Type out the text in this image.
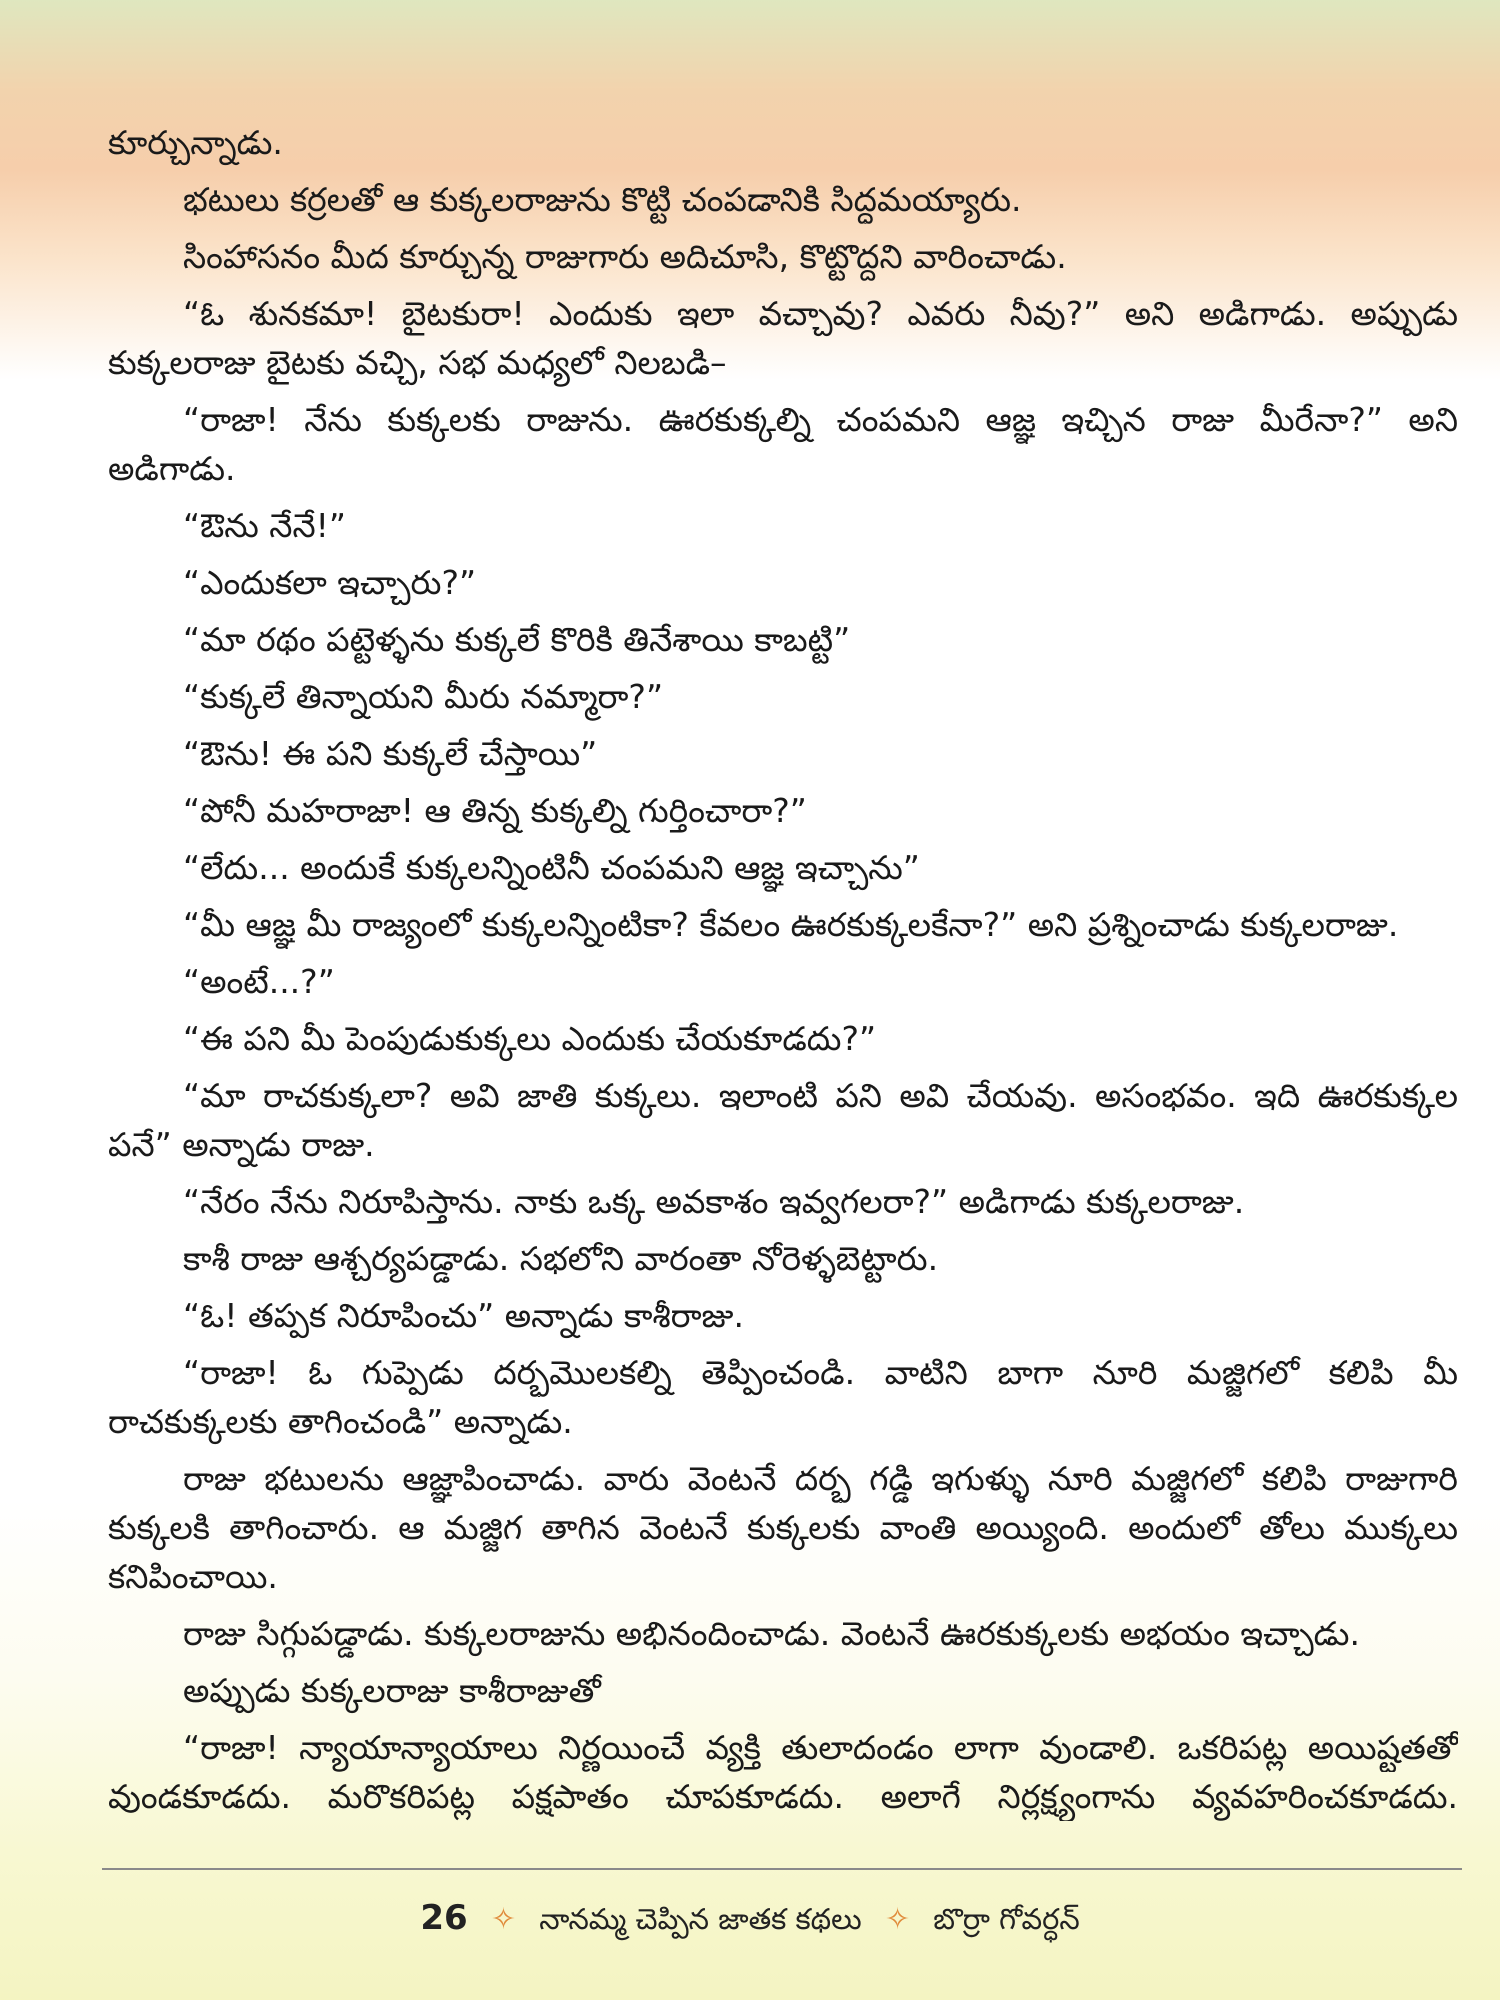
కూర్చున్నాడు.

భటులు కర్రలతో ఆ కుక్కలరాజును కొట్టి చంపడానికి సిద్ధమయ్యారు.

సింహాసనం మీద కూర్చున్న రాజుగారు అదిచూసి, కొట్టొద్దని వారించాడు.

“ఓ శునకమా! బైటకురా! ఎందుకు ఇలా వచ్చావు? ఎవరు నీవు?” అని అడిగాడు. అప్పుడు

కుక్కలరాజు బైటకు వచ్చి, సభ మధ్యలో నిలబడి–

“రాజా! నేను కుక్కలకు రాజును. ఊరకుక్కల్ని చంపమని ఆజ్ఞ ఇచ్చిన రాజు మీరేనా?” అని

అడిగాడు.

“ఔను నేనే!”

“ఎందుకలా ఇచ్చారు?”

“మా రథం పట్టెళ్ళను కుక్కలే కొరికి తినేశాయి కాబట్టి”

“కుక్కలే తిన్నాయని మీరు నమ్మారా?”

“ఔను! ఈ పని కుక్కలే చేస్తాయి”

“పోనీ మహరాజా! ఆ తిన్న కుక్కల్ని గుర్తించారా?”

“లేదు... అందుకే కుక్కలన్నింటినీ చంపమని ఆజ్ఞ ఇచ్చాను”

“మీ ఆజ్ఞ మీ రాజ్యంలో కుక్కలన్నింటికా? కేవలం ఊరకుక్కలకేనా?” అని ప్రశ్నించాడు కుక్కలరాజు.

“అంటే...?”

“ఈ పని మీ పెంపుడుకుక్కలు ఎందుకు చేయకూడదు?”

“మా రాచకుక్కలా? అవి జాతి కుక్కలు. ఇలాంటి పని అవి చేయవు. అసంభవం. ఇది ఊరకుక్కల

పనే” అన్నాడు రాజు.

“నేరం నేను నిరూపిస్తాను. నాకు ఒక్క అవకాశం ఇవ్వగలరా?” అడిగాడు కుక్కలరాజు.

కాశీ రాజు ఆశ్చర్యపడ్డాడు. సభలోని వారంతా నోరెళ్ళబెట్టారు.

“ఓ! తప్పక నిరూపించు” అన్నాడు కాశీరాజు.

“రాజా! ఓ గుప్పెడు దర్భమొలకల్ని తెప్పించండి. వాటిని బాగా నూరి మజ్జిగలో కలిపి మీ

రాచకుక్కలకు తాగించండి” అన్నాడు.

రాజు భటులను ఆజ్ఞాపించాడు. వారు వెంటనే దర్భ గడ్డి ఇగుళ్ళు నూరి మజ్జిగలో కలిపి రాజుగారి

కుక్కలకి తాగించారు. ఆ మజ్జిగ తాగిన వెంటనే కుక్కలకు వాంతి అయ్యింది. అందులో తోలు ముక్కలు

కనిపించాయి.

రాజు సిగ్గుపడ్డాడు. కుక్కలరాజును అభినందించాడు. వెంటనే ఊరకుక్కలకు అభయం ఇచ్చాడు.

అప్పుడు కుక్కలరాజు కాశీరాజుతో

“రాజా! న్యాయాన్యాయాలు నిర్ణయించే వ్యక్తి తులాదండం లాగా వుండాలి. ఒకరిపట్ల అయిష్టతతో

వుండకూడదు. మరొకరిపట్ల పక్షపాతం చూపకూడదు. అలాగే నిర్లక్ష్యంగాను వ్యవహరించకూడదు.

26 ✧ నానమ్మ చెప్పిన జాతక కథలు ✧ బొర్రా గోవర్ధన్
